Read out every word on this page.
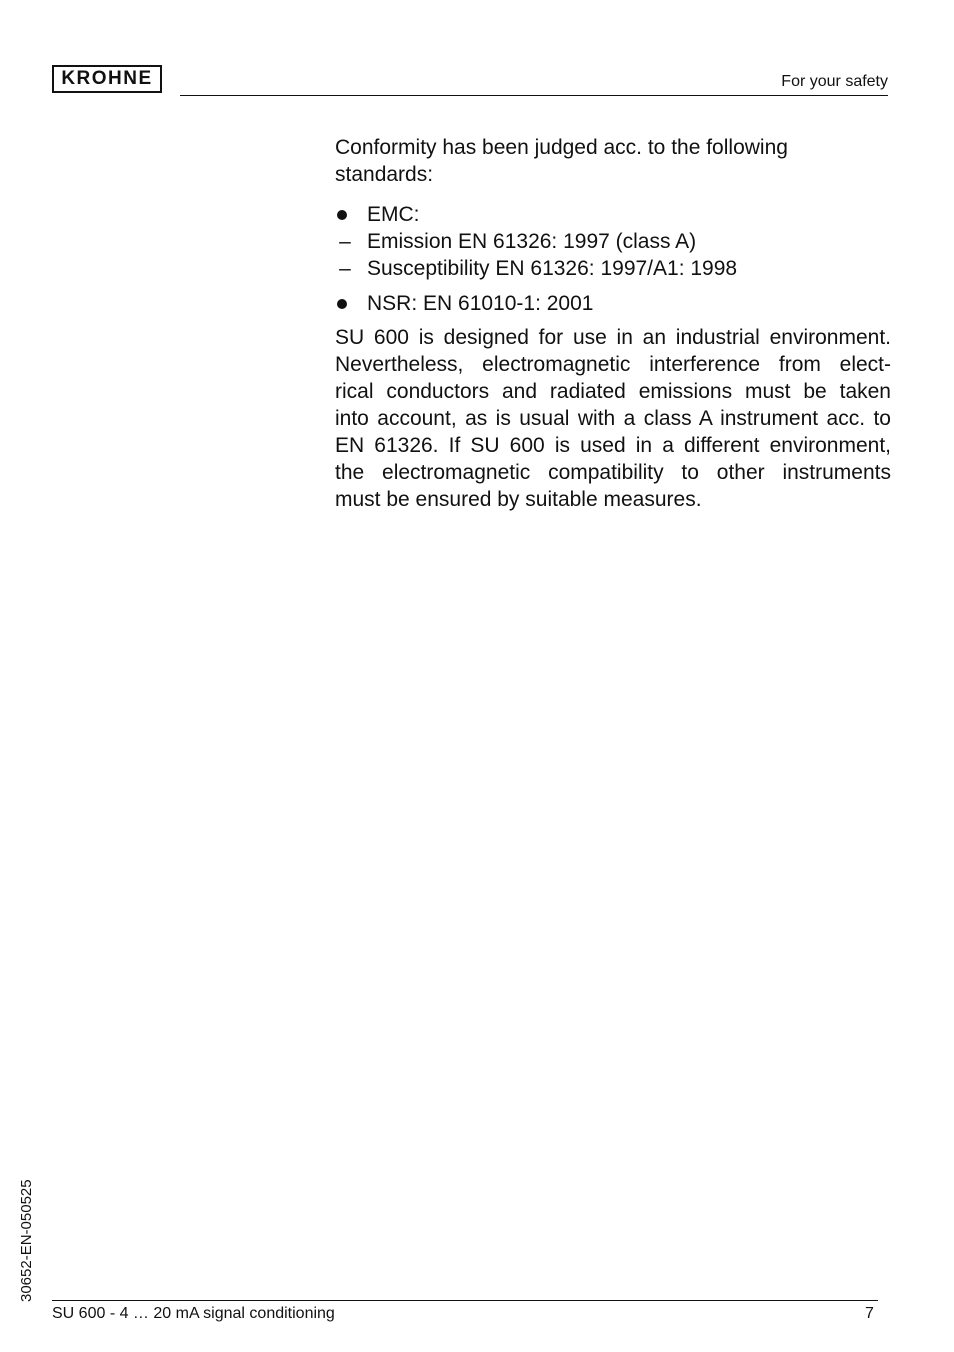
KROHNE	For your safety

Conformity has been judged acc. to the following standards:

EMC:
– Emission EN 61326: 1997 (class A)
– Susceptibility EN 61326: 1997/A1: 1998
NSR: EN 61010-1: 2001
SU 600 is designed for use in an industrial environment.
Nevertheless, electromagnetic interference from elect-
rical conductors and radiated emissions must be taken
into account, as is usual with a class A instrument acc. to
EN 61326. If SU 600 is used in a different environment,
the electromagnetic compatibility to other instruments
must be ensured by suitable measures.
30652-EN-050525
SU 600 - 4 … 20 mA signal conditioning	7
